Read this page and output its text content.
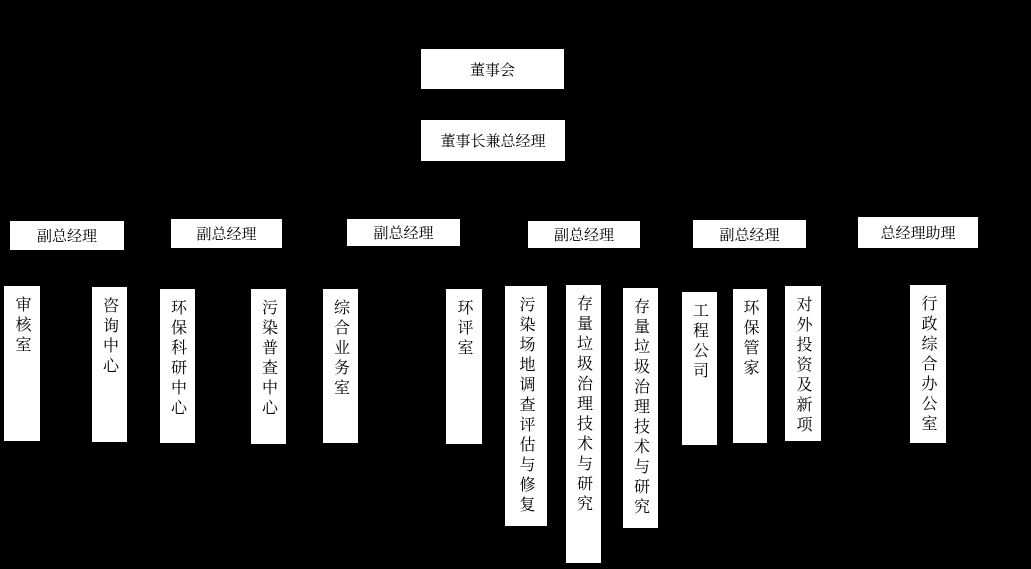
董事会
董事长兼总经理
副总经理	副总经理	副总经理	副总经理	副总经理	总经理助理
审核室	咨询中心	环保科研中心	污染普查中心	综合业务室	环评室	污染场地调查评估与修复 存量垃圾治理技术与研究 存量垃圾治理技术与研究	工程公司 环保管家 对外投资及新项	行政综合办公室
